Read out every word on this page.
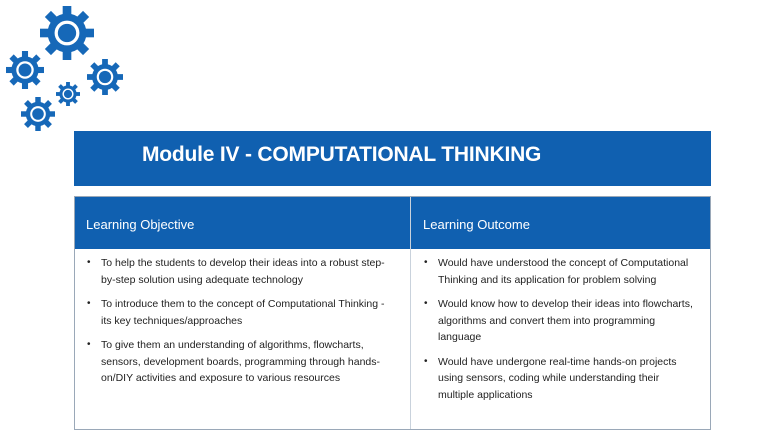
Module IV - COMPUTATIONAL THINKING
Learning Objective	Learning Outcome
• To help the students to develop their ideas into a robust step-by-step solution using adequate technology
• To introduce them to the concept of Computational Thinking - its key techniques/approaches
• To give them an understanding of algorithms, flowcharts, sensors, development boards, programming through hands-on/DIY activities and exposure to various resources
• Would have understood the concept of Computational Thinking and its application for problem solving
• Would know how to develop their ideas into flowcharts, algorithms and convert them into programming language
• Would have undergone real-time hands-on projects using sensors, coding while understanding their multiple applications
